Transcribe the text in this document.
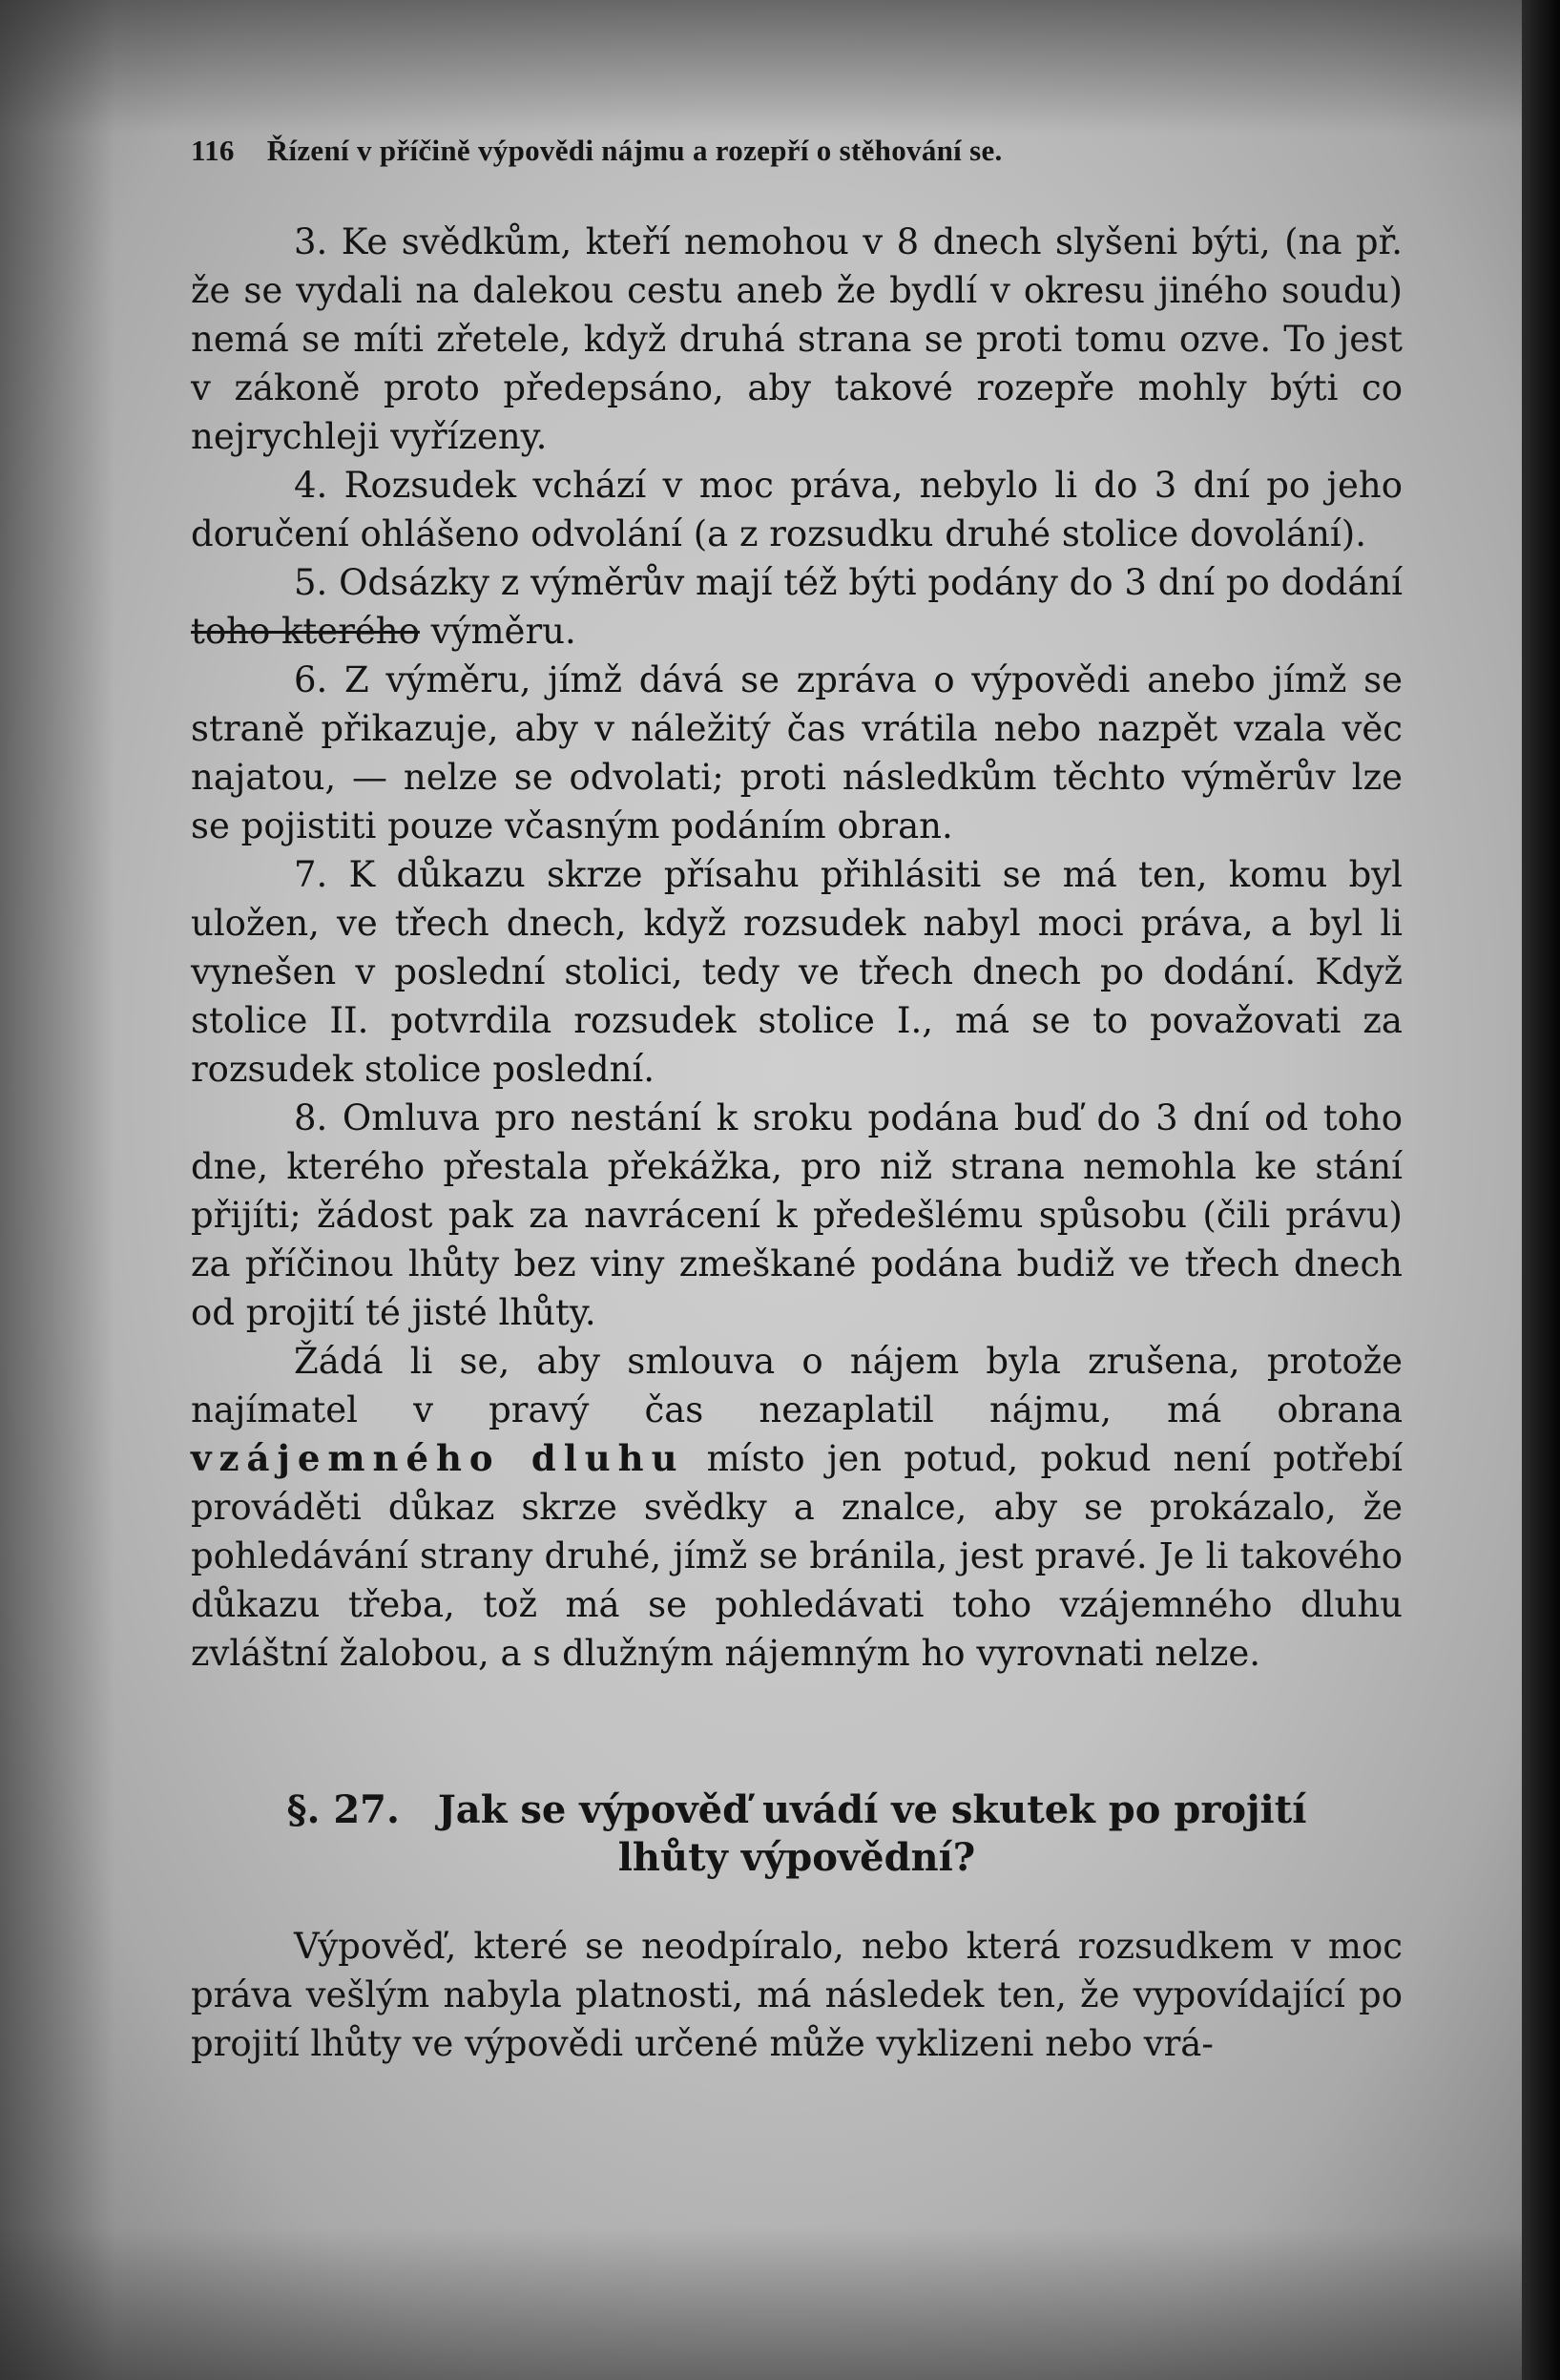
116 Řízení v příčině výpovědi nájmu a rozepří o stěhování se.

3. Ke svědkům, kteří nemohou v 8 dnech slyšeni býti, (na př. že se vydali na dalekou cestu aneb že bydlí v okresu jiného soudu) nemá se míti zřetele, když druhá strana se proti tomu ozve. To jest v zákoně proto předepsáno, aby takové rozepře mohly býti co nejrychleji vyřízeny.

4. Rozsudek vchází v moc práva, nebylo li do 3 dní po jeho doručení ohlášeno odvolání (a z rozsudku druhé stolice dovolání).

5. Odsázky z výměrův mají též býti podány do 3 dní po dodání toho kterého výměru.

6. Z výměru, jímž dává se zpráva o výpovědi anebo jímž se straně přikazuje, aby v náležitý čas vrátila nebo nazpět vzala věc najatou, — nelze se odvolati; proti následkům těchto výměrův lze se pojistiti pouze včasným podáním obran.

7. K důkazu skrze přísahu přihlásiti se má ten, komu byl uložen, ve třech dnech, když rozsudek nabyl moci práva, a byl li vynešen v poslední stolici, tedy ve třech dnech po dodání. Když stolice II. potvrdila rozsudek stolice I., má se to považovati za rozsudek stolice poslední.

8. Omluva pro nestání k sroku podána buď do 3 dní od toho dne, kterého přestala překážka, pro niž strana nemohla ke stání přijíti; žádost pak za navrácení k předešlému spůsobu (čili právu) za příčinou lhůty bez viny zmeškané podána budiž ve třech dnech od projití té jisté lhůty.

Žádá li se, aby smlouva o nájem byla zrušena, protože najímatel v pravý čas nezaplatil nájmu, má obrana vzájemného dluhu místo jen potud, pokud není potřebí prováděti důkaz skrze svědky a znalce, aby se prokázalo, že pohledávání strany druhé, jímž se bránila, jest pravé. Je li takového důkazu třeba, tož má se pohledávati toho vzájemného dluhu zvláštní žalobou, a s dlužným nájemným ho vyrovnati nelze.

§. 27. Jak se výpověď uvádí ve skutek po projití
lhůty výpovědní?

Výpověď, které se neodpíralo, nebo která rozsudkem v moc práva vešlým nabyla platnosti, má následek ten, že vypovídající po projití lhůty ve výpovědi určené může vyklizeni nebo vrá-
